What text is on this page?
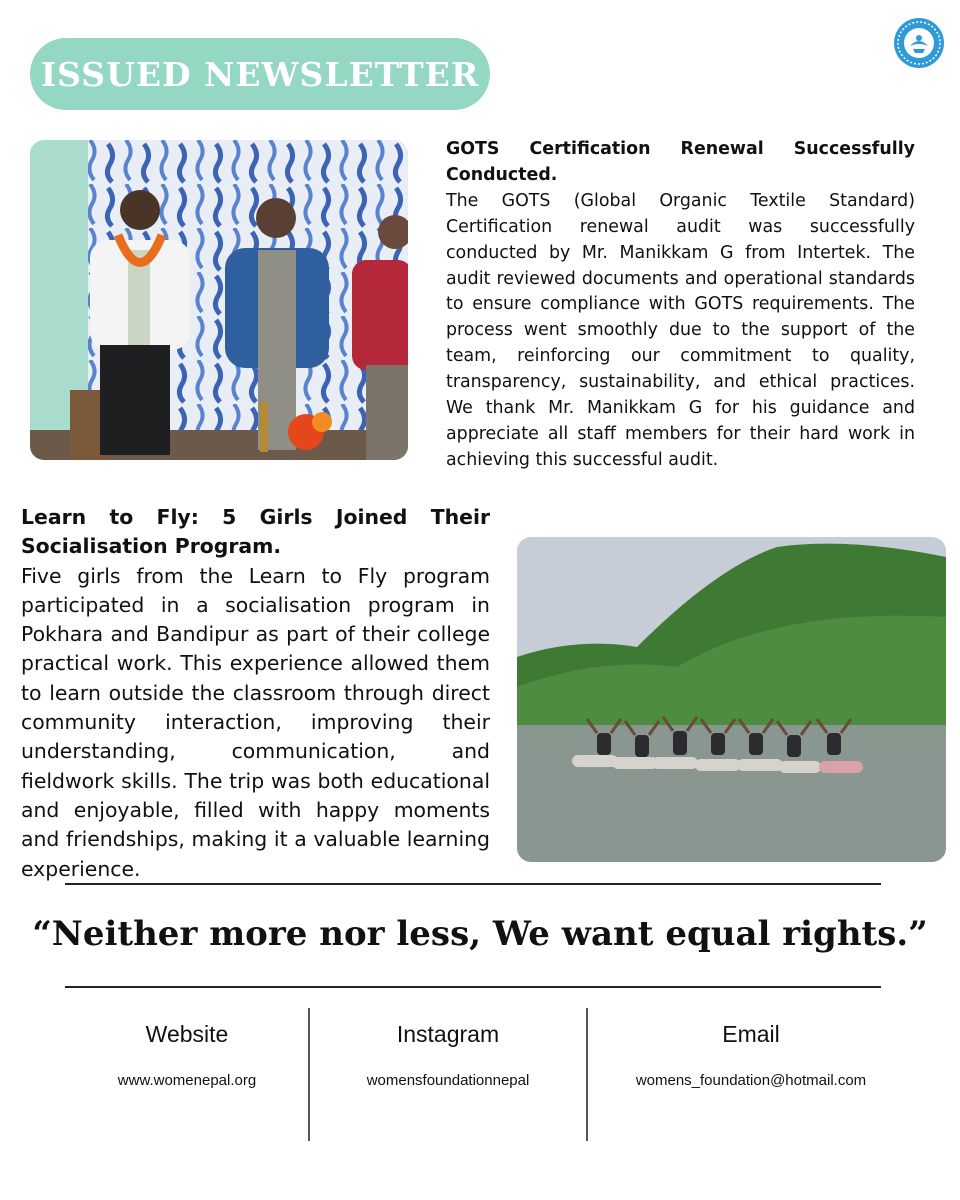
ISSUED NEWSLETTER
GOTS Certification Renewal Successfully Conducted.

The GOTS (Global Organic Textile Standard) Certification renewal audit was successfully conducted by Mr. Manikkam G from Intertek. The audit reviewed documents and operational standards to ensure compliance with GOTS requirements. The process went smoothly due to the support of the team, reinforcing our commitment to quality, transparency, sustainability, and ethical practices. We thank Mr. Manikkam G for his guidance and appreciate all staff members for their hard work in achieving this successful audit.

Learn to Fly: 5 Girls Joined Their Socialisation Program.

Five girls from the Learn to Fly program participated in a socialisation program in Pokhara and Bandipur as part of their college practical work. This experience allowed them to learn outside the classroom through direct community interaction, improving their understanding, communication, and fieldwork skills. The trip was both educational and enjoyable, filled with happy moments and friendships, making it a valuable learning experience.

“Neither more nor less, We want equal rights.”
Website
www.womenepal.org
Instagram
womensfoundationnepal
Email
womens_foundation@hotmail.com
